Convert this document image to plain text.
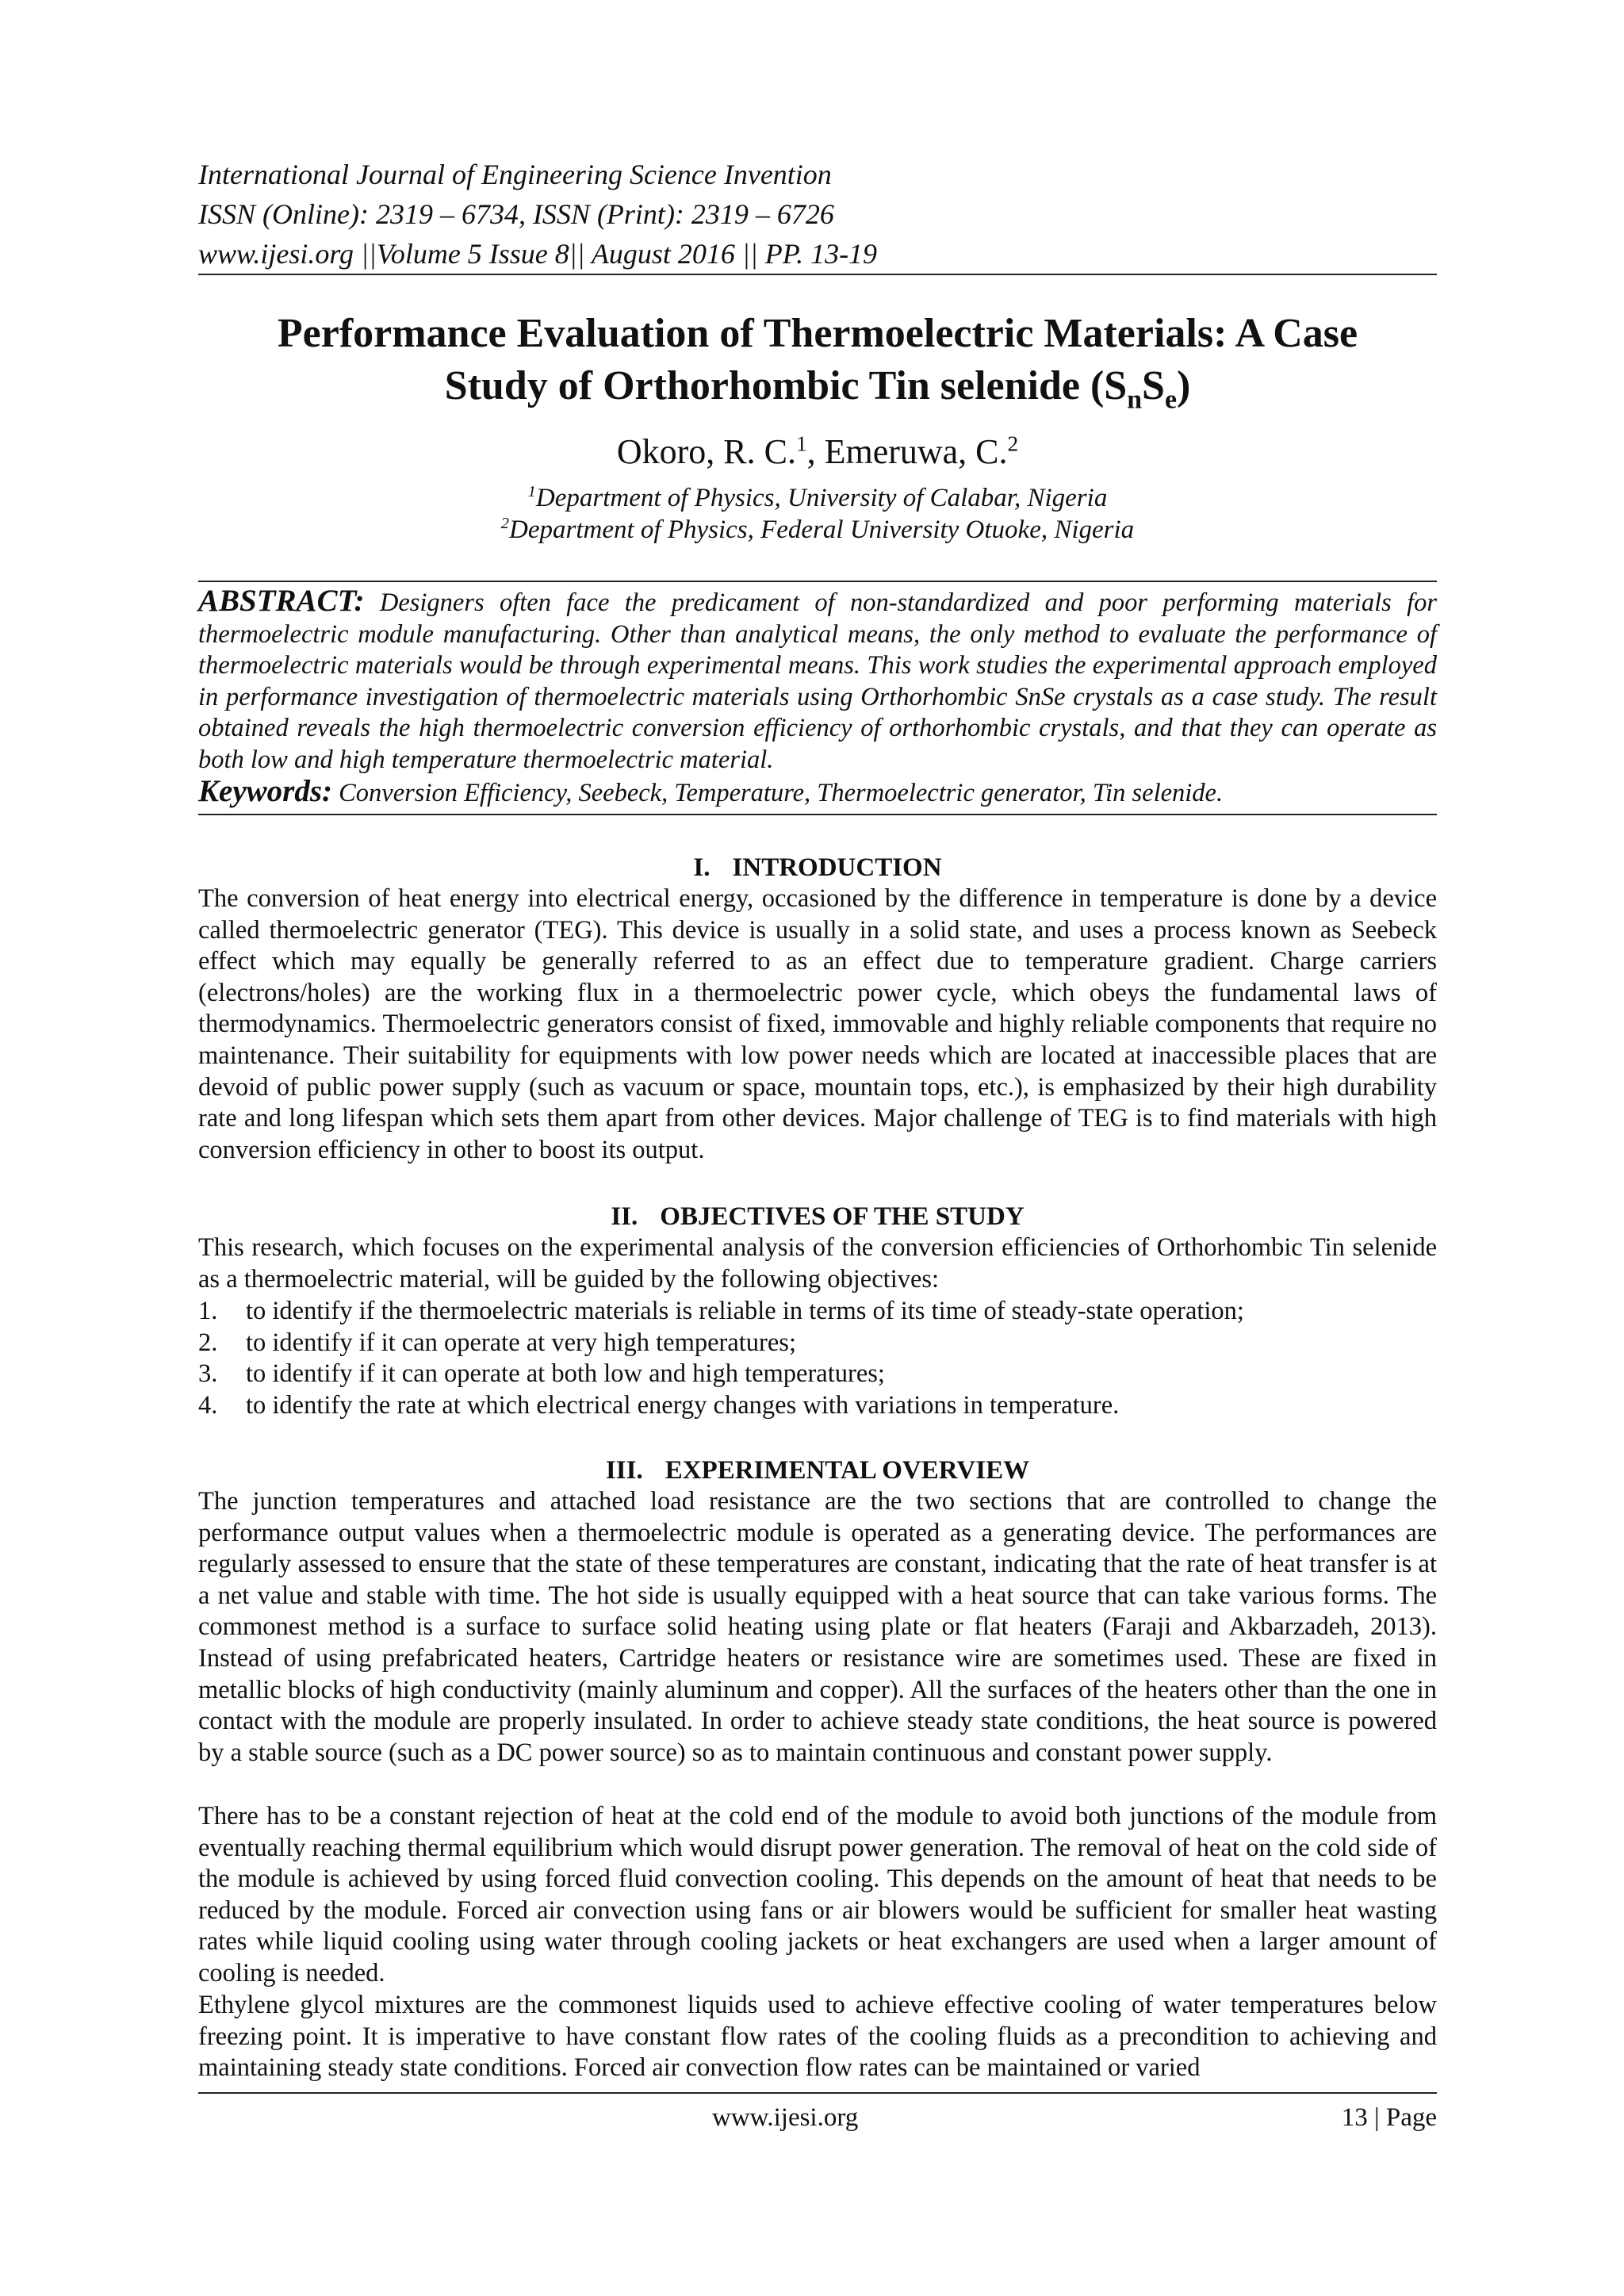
International Journal of Engineering Science Invention
ISSN (Online): 2319 – 6734, ISSN (Print): 2319 – 6726
www.ijesi.org ||Volume 5 Issue 8|| August 2016 || PP. 13-19
Performance Evaluation of Thermoelectric Materials: A Case
Study of Orthorhombic Tin selenide $(S_nS_e)$
Okoro, R. C.$^1$, Emeruwa, C.$^2$
$^1$Department of Physics, University of Calabar, Nigeria
$^2$Department of Physics, Federal University Otuoke, Nigeria
ABSTRACT: Designers often face the predicament of non-standardized and poor performing materials for thermoelectric module manufacturing. Other than analytical means, the only method to evaluate the performance of thermoelectric materials would be through experimental means. This work studies the experimental approach employed in performance investigation of thermoelectric materials using Orthorhombic SnSe crystals as a case study. The result obtained reveals the high thermoelectric conversion efficiency of orthorhombic crystals, and that they can operate as both low and high temperature thermoelectric material.
Keywords: Conversion Efficiency, Seebeck, Temperature, Thermoelectric generator, Tin selenide.
I. INTRODUCTION
The conversion of heat energy into electrical energy, occasioned by the difference in temperature is done by a device called thermoelectric generator (TEG). This device is usually in a solid state, and uses a process known as Seebeck effect which may equally be generally referred to as an effect due to temperature gradient. Charge carriers (electrons/holes) are the working flux in a thermoelectric power cycle, which obeys the fundamental laws of thermodynamics. Thermoelectric generators consist of fixed, immovable and highly reliable components that require no maintenance. Their suitability for equipments with low power needs which are located at inaccessible places that are devoid of public power supply (such as vacuum or space, mountain tops, etc.), is emphasized by their high durability rate and long lifespan which sets them apart from other devices. Major challenge of TEG is to find materials with high conversion efficiency in other to boost its output.
II. OBJECTIVES OF THE STUDY
This research, which focuses on the experimental analysis of the conversion efficiencies of Orthorhombic Tin selenide as a thermoelectric material, will be guided by the following objectives:
1.	to identify if the thermoelectric materials is reliable in terms of its time of steady-state operation;
2.	to identify if it can operate at very high temperatures;
3.	to identify if it can operate at both low and high temperatures;
4.	to identify the rate at which electrical energy changes with variations in temperature.
III. EXPERIMENTAL OVERVIEW
The junction temperatures and attached load resistance are the two sections that are controlled to change the performance output values when a thermoelectric module is operated as a generating device. The performances are regularly assessed to ensure that the state of these temperatures are constant, indicating that the rate of heat transfer is at a net value and stable with time. The hot side is usually equipped with a heat source that can take various forms. The commonest method is a surface to surface solid heating using plate or flat heaters (Faraji and Akbarzadeh, 2013). Instead of using prefabricated heaters, Cartridge heaters or resistance wire are sometimes used. These are fixed in metallic blocks of high conductivity (mainly aluminum and copper). All the surfaces of the heaters other than the one in contact with the module are properly insulated. In order to achieve steady state conditions, the heat source is powered by a stable source (such as a DC power source) so as to maintain continuous and constant power supply.
There has to be a constant rejection of heat at the cold end of the module to avoid both junctions of the module from eventually reaching thermal equilibrium which would disrupt power generation. The removal of heat on the cold side of the module is achieved by using forced fluid convection cooling. This depends on the amount of heat that needs to be reduced by the module. Forced air convection using fans or air blowers would be sufficient for smaller heat wasting rates while liquid cooling using water through cooling jackets or heat exchangers are used when a larger amount of cooling is needed.
Ethylene glycol mixtures are the commonest liquids used to achieve effective cooling of water temperatures below freezing point. It is imperative to have constant flow rates of the cooling fluids as a precondition to achieving and maintaining steady state conditions. Forced air convection flow rates can be maintained or varied
www.ijesi.org	13 | Page
